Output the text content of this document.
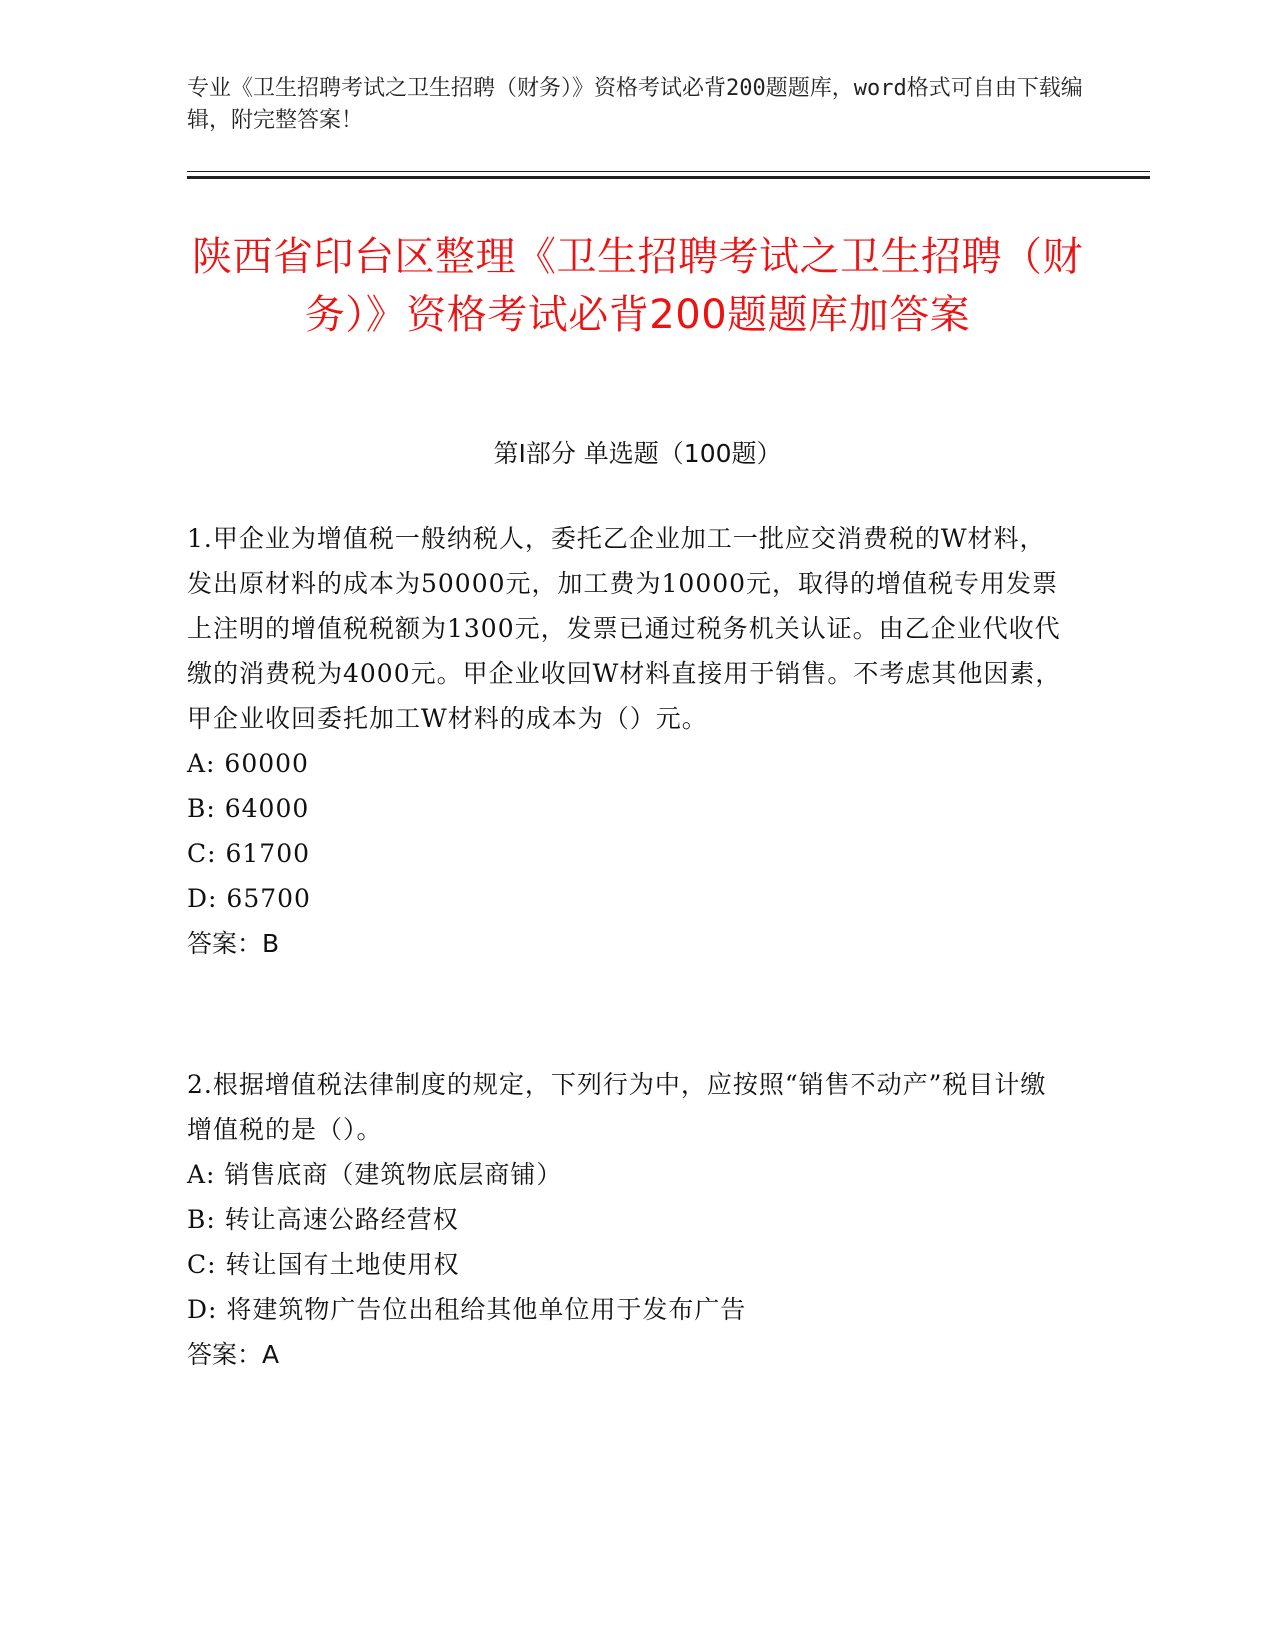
专业《卫生招聘考试之卫生招聘（财务）》资格考试必背200题题库，word格式可自由下载编辑，附完整答案！
陕西省印台区整理《卫生招聘考试之卫生招聘（财务）》资格考试必背200题题库加答案
第I部分 单选题（100题）

1.甲企业为增值税一般纳税人，委托乙企业加工一批应交消费税的W材料，发出原材料的成本为50000元，加工费为10000元，取得的增值税专用发票上注明的增值税税额为1300元，发票已通过税务机关认证。由乙企业代收代缴的消费税为4000元。甲企业收回W材料直接用于销售。不考虑其他因素，甲企业收回委托加工W材料的成本为（）元。

A: 60000

B: 64000

C: 61700

D: 65700

答案：B

2.根据增值税法律制度的规定，下列行为中，应按照“销售不动产”税目计缴增值税的是（）。

A: 销售底商（建筑物底层商铺）

B: 转让高速公路经营权

C: 转让国有土地使用权

D: 将建筑物广告位出租给其他单位用于发布广告

答案：A
